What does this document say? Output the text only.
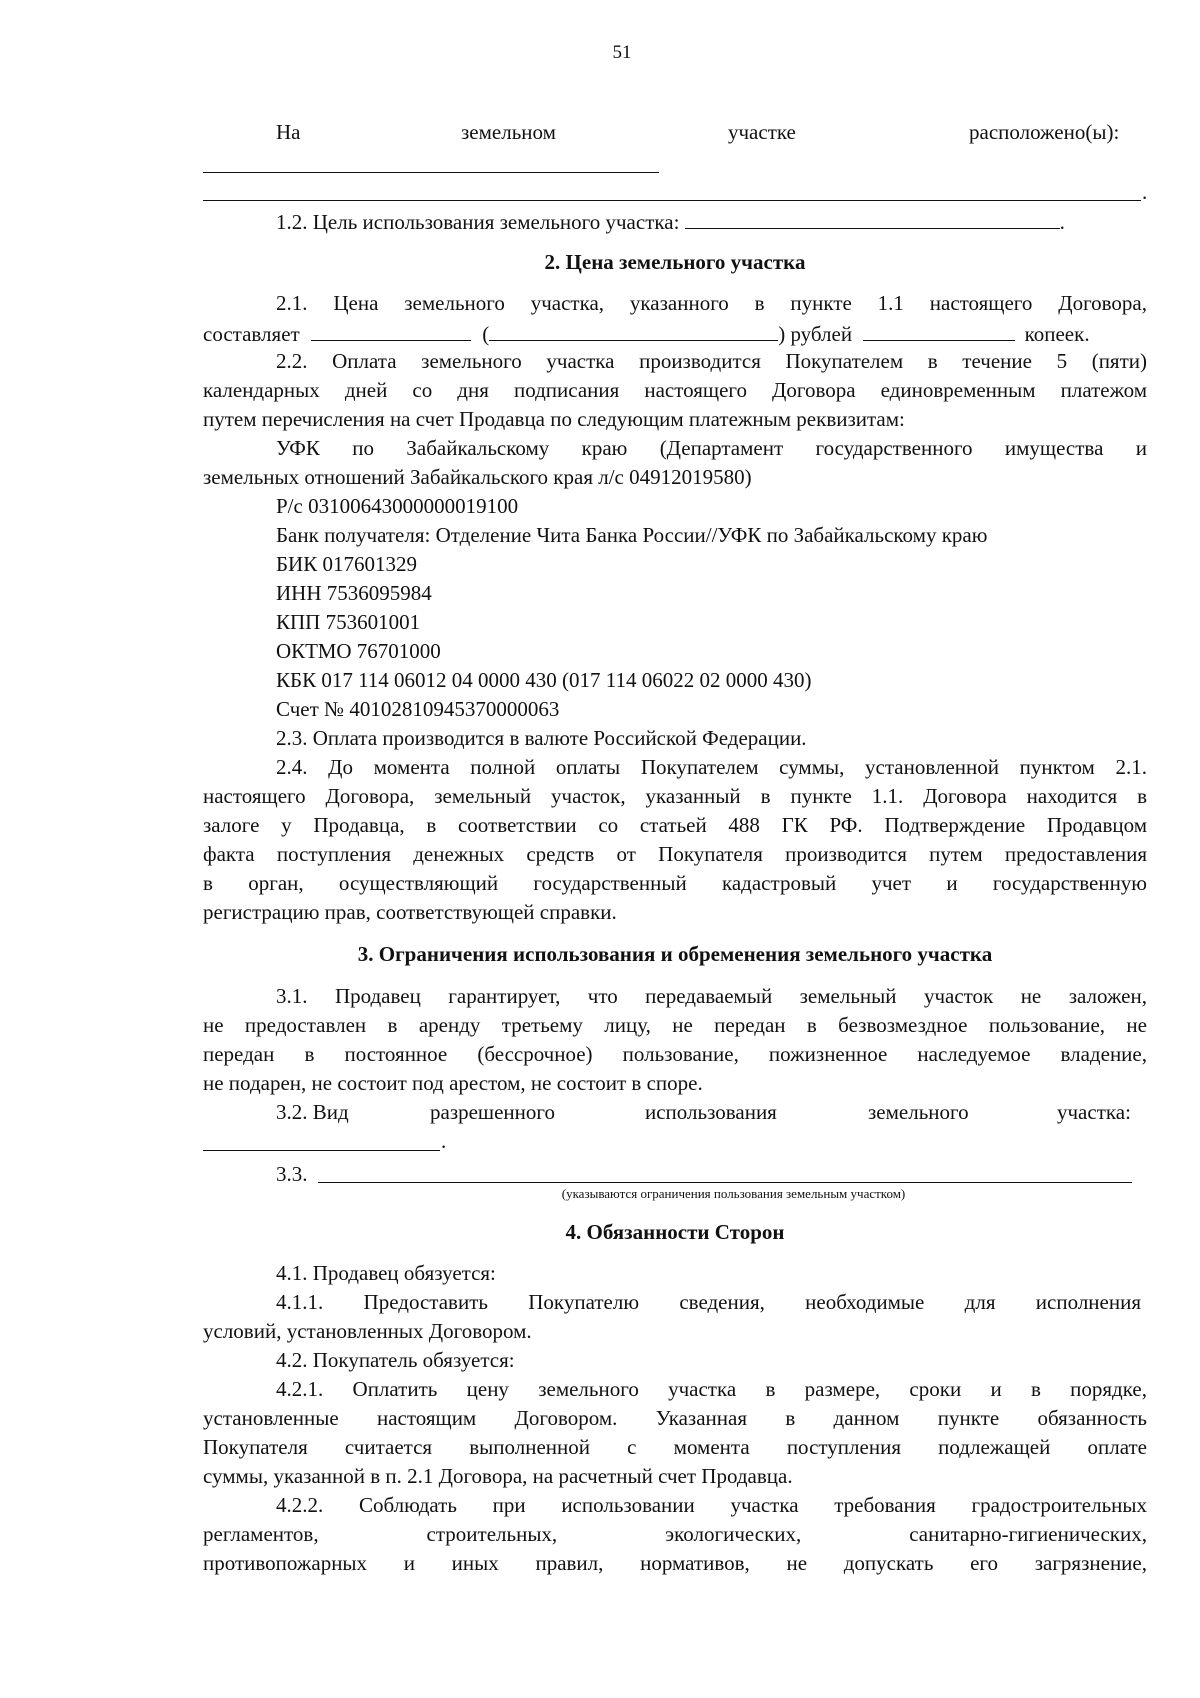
51
На	земельном	участке	расположено(ы):
.
1.2. Цель использования земельного участка:	.
2. Цена земельного участка
2.1. Цена земельного участка, указанного в пункте 1.1 настоящего Договора,
составляет	(	) рублей	копеек.
2.2. Оплата земельного участка производится Покупателем в течение 5 (пяти)
календарных дней со дня подписания настоящего Договора единовременным платежом
путем перечисления на счет Продавца по следующим платежным реквизитам:
УФК по Забайкальскому краю (Департамент государственного имущества и
земельных отношений Забайкальского края л/с 04912019580)
Р/с 03100643000000019100
Банк получателя: Отделение Чита Банка России//УФК по Забайкальскому краю
БИК 017601329
ИНН 7536095984
КПП 753601001
ОКТМО 76701000
КБК 017 114 06012 04 0000 430 (017 114 06022 02 0000 430)
Счет № 40102810945370000063
2.3. Оплата производится в валюте Российской Федерации.
2.4. До момента полной оплаты Покупателем суммы, установленной пунктом 2.1.
настоящего Договора, земельный участок, указанный в пункте 1.1. Договора находится в
залоге у Продавца, в соответствии со статьей 488 ГК РФ. Подтверждение Продавцом
факта поступления денежных средств от Покупателя производится путем предоставления
в орган, осуществляющий государственный кадастровый учет и государственную
регистрацию прав, соответствующей справки.
3. Ограничения использования и обременения земельного участка
3.1. Продавец гарантирует, что передаваемый земельный участок не заложен,
не предоставлен в аренду третьему лицу, не передан в безвозмездное пользование, не
передан в постоянное (бессрочное) пользование, пожизненное наследуемое владение,
не подарен, не состоит под арестом, не состоит в споре.
3.2. Вид	разрешенного	использования	земельного	участка:
.
3.3.
(указываются ограничения пользования земельным участком)
4. Обязанности Сторон
4.1. Продавец обязуется:
4.1.1. Предоставить Покупателю сведения, необходимые для исполнения
условий, установленных Договором.
4.2. Покупатель обязуется:
4.2.1. Оплатить цену земельного участка в размере, сроки и в порядке,
установленные настоящим Договором. Указанная в данном пункте обязанность
Покупателя считается выполненной с момента поступления подлежащей оплате
суммы, указанной в п. 2.1 Договора, на расчетный счет Продавца.
4.2.2. Соблюдать при использовании участка требования градостроительных
регламентов, строительных, экологических, санитарно-гигиенических,
противопожарных и иных правил, нормативов, не допускать его загрязнение,
